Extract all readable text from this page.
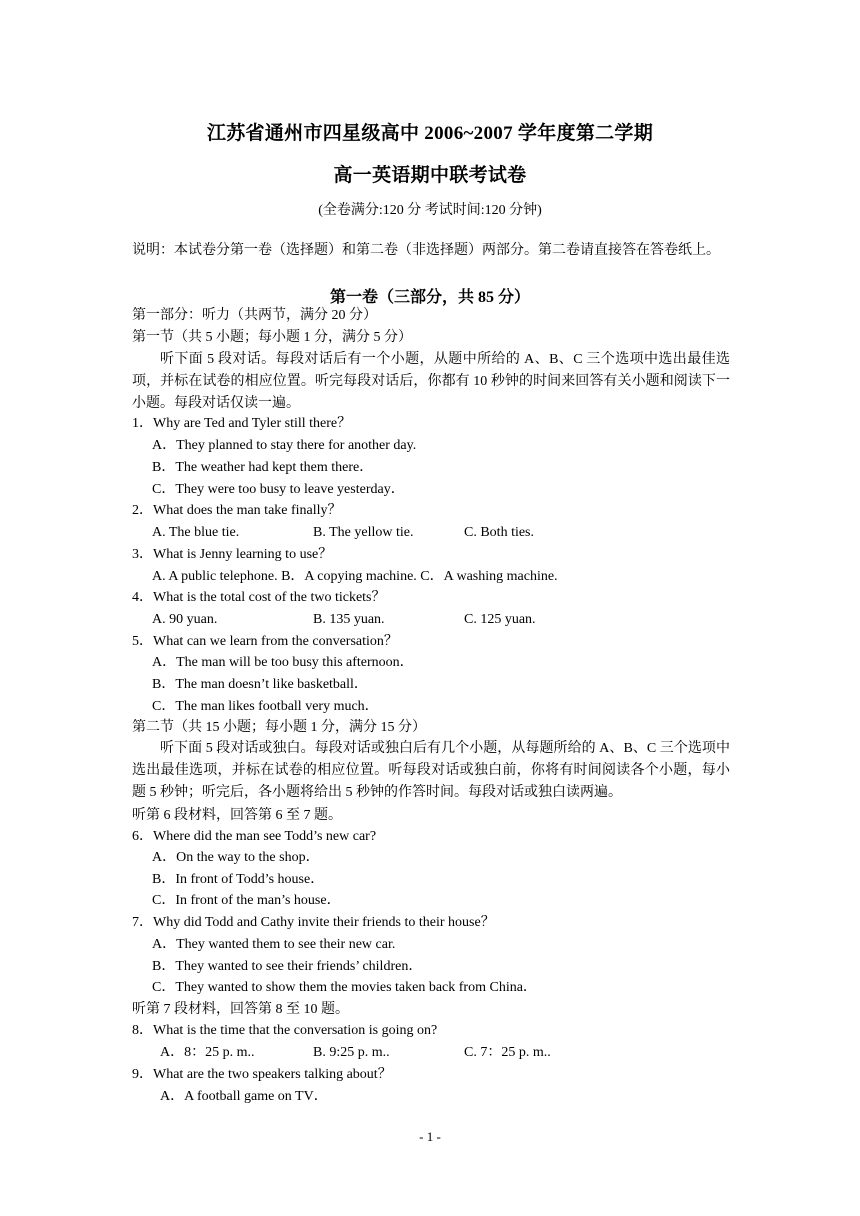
江苏省通州市四星级高中 2006~2007 学年度第二学期
高一英语期中联考试卷
(全卷满分:120 分 考试时间:120 分钟)
说明：本试卷分第一卷（选择题）和第二卷（非选择题）两部分。第二卷请直接答在答卷纸上。
第一卷（三部分，共 85 分）
第一部分：听力（共两节，满分 20 分）
第一节（共 5 小题；每小题 1 分，满分 5 分）
听下面 5 段对话。每段对话后有一个小题，从题中所给的 A、B、C 三个选项中选出最佳选项，并标在试卷的相应位置。听完每段对话后，你都有 10 秒钟的时间来回答有关小题和阅读下一小题。每段对话仅读一遍。
1．Why are Ted and Tyler still there？
A．They planned to stay there for another day.
B．The weather had kept them there．
C．They were too busy to leave yesterday．
2．What does the man take finally？
A. The blue tie.	B. The yellow tie.	C. Both ties.
3．What is Jenny learning to use？
A. A public telephone. B．A copying machine. C．A washing machine.
4．What is the total cost of the two tickets？
A. 90 yuan.	B. 135 yuan.	C. 125 yuan.
5．What can we learn from the conversation？
A．The man will be too busy this afternoon．
B．The man doesn’t like basketball．
C．The man likes football very much．
第二节（共 15 小题；每小题 1 分，满分 15 分）
听下面 5 段对话或独白。每段对话或独白后有几个小题，从每题所给的 A、B、C 三个选项中选出最佳选项，并标在试卷的相应位置。听每段对话或独白前，你将有时间阅读各个小题，每小题 5 秒钟；听完后，各小题将给出 5 秒钟的作答时间。每段对话或独白读两遍。
听第 6 段材料，回答第 6 至 7 题。
6．Where did the man see Todd’s new car?
A．On the way to the shop．
B．In front of Todd’s house．
C．In front of the man’s house．
7．Why did Todd and Cathy invite their friends to their house？
A．They wanted them to see their new car.
B．They wanted to see their friends’ children．
C．They wanted to show them the movies taken back from China．
听第 7 段材料，回答第 8 至 10 题。
8．What is the time that the conversation is going on?
A．8：25 p. m..	B. 9:25 p. m..	C. 7：25 p. m..
9．What are the two speakers talking about？
A．A football game on TV．
- 1 -
